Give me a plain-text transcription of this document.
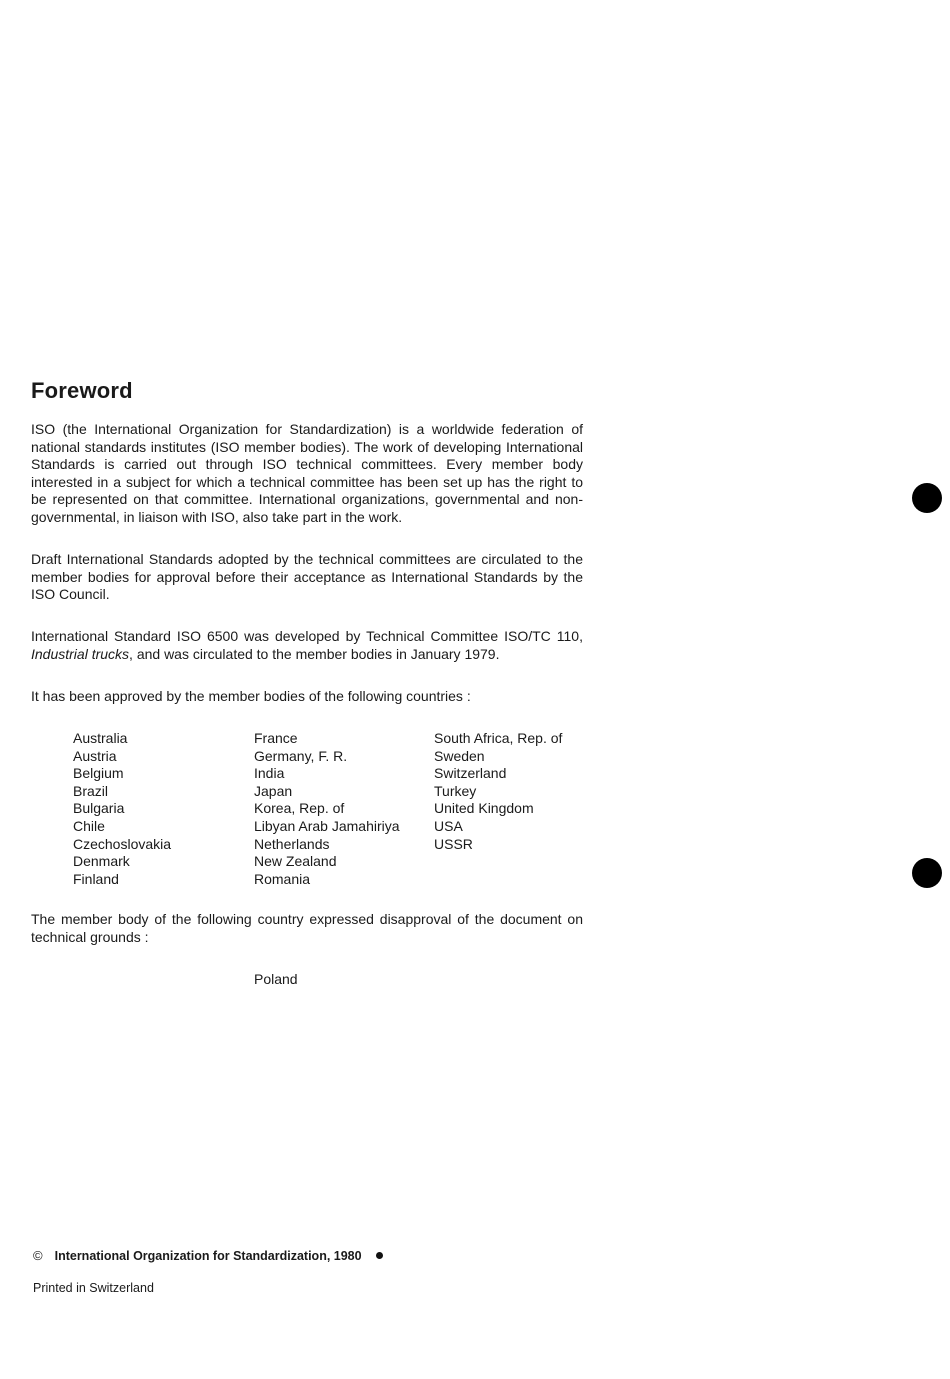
Foreword

ISO (the International Organization for Standardization) is a worldwide federation of national standards institutes (ISO member bodies). The work of developing International Standards is carried out through ISO technical committees. Every member body interested in a subject for which a technical committee has been set up has the right to be represented on that committee. International organizations, governmental and non-governmental, in liaison with ISO, also take part in the work.

Draft International Standards adopted by the technical committees are circulated to the member bodies for approval before their acceptance as International Standards by the ISO Council.

International Standard ISO 6500 was developed by Technical Committee ISO/TC 110, Industrial trucks, and was circulated to the member bodies in January 1979.

It has been approved by the member bodies of the following countries :

Australia
Austria
Belgium
Brazil
Bulgaria
Chile
Czechoslovakia
Denmark
Finland
France
Germany, F. R.
India
Japan
Korea, Rep. of
Libyan Arab Jamahiriya
Netherlands
New Zealand
Romania
South Africa, Rep. of
Sweden
Switzerland
Turkey
United Kingdom
USA
USSR

The member body of the following country expressed disapproval of the document on technical grounds :

Poland

© International Organization for Standardization, 1980

Printed in Switzerland
